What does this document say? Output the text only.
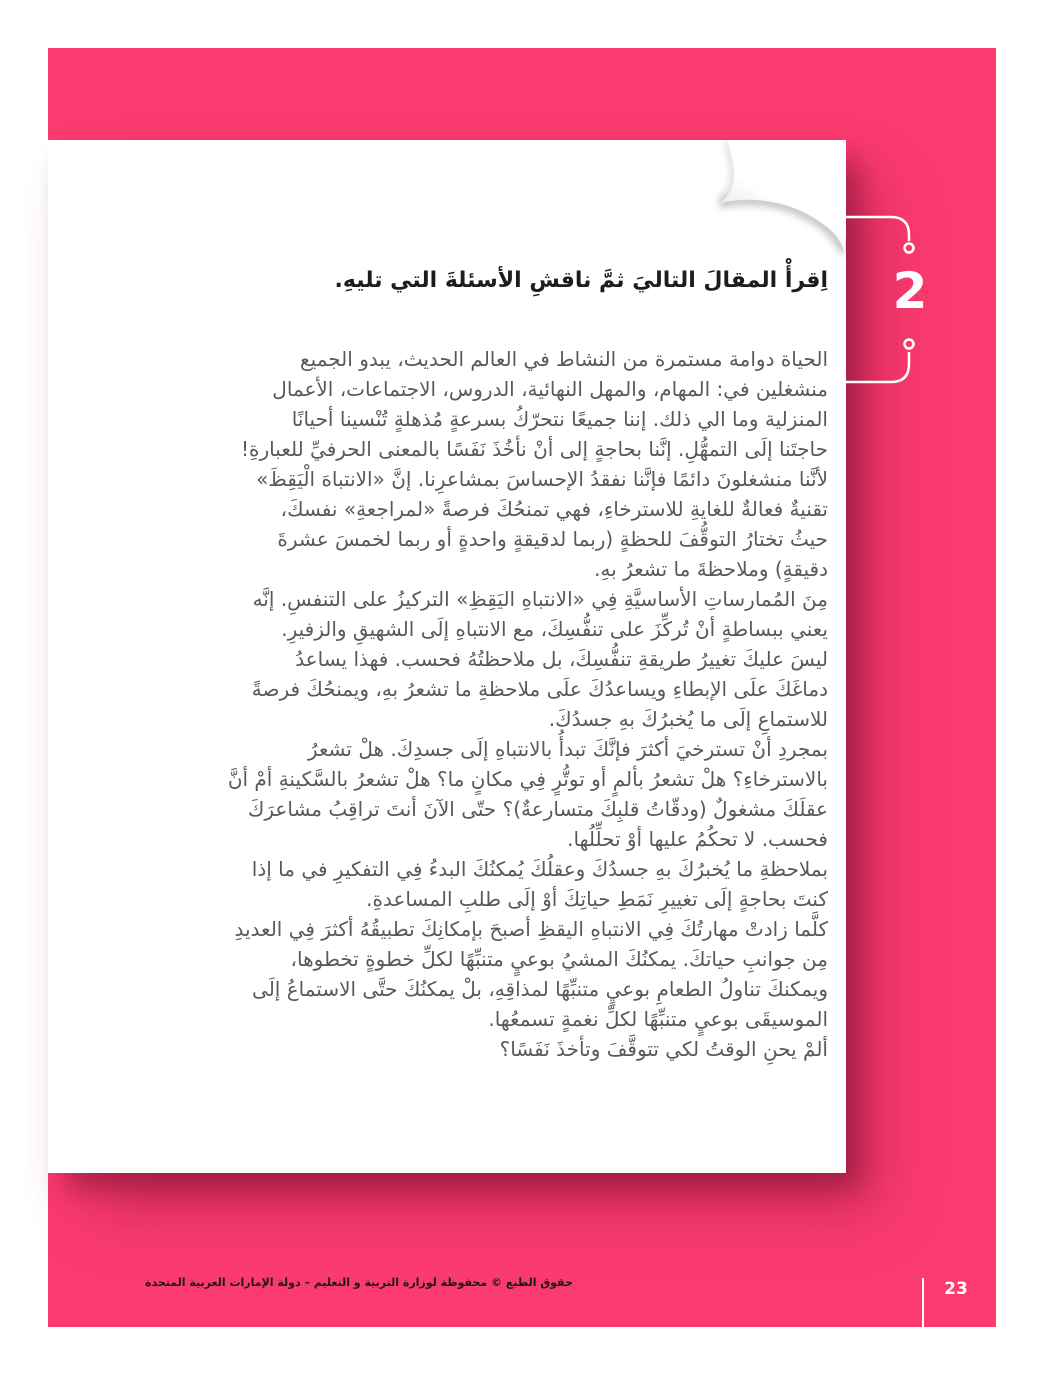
اِقرأْ المقالَ التاليَ ثمَّ ناقشِ الأسئلةَ التي تليهِ.
الحياة دوامة مستمرة من النشاط في العالم الحديث، يبدو الجميع
منشغلين في: المهام، والمهل النهائية، الدروس، الاجتماعات، الأعمال
المنزلية وما الي ذلك. إننا جميعًا نتحرّكُ بسرعةٍ مُذهلةٍ تُنْسينا أحيانًا
حاجتَنا إلَى التمهُّلِ. إنَّنا بحاجةٍ إلى أنْ نأخُذَ نَفَسًا بالمعنى الحرفيِّ للعبارةِ!
لأنَّنا منشغلونَ دائمًا فإنَّنا نفقدُ الإحساسَ بمشاعرِنا. إنَّ «الانتباهَ الْيَقِظَ»
تقنيةٌ فعالةٌ للغايةِ للاسترخاءِ، فهي تمنحُكَ فرصةً «لمراجعةِ» نفسكَ،
حيثُ تختارُ التوقُّفَ للحظةٍ (ربما لدقيقةٍ واحدةٍ أو ربما لخمسَ عشرةَ
دقيقةٍ) وملاحظةَ ما تشعرُ بهِ.
مِنَ المُمارساتِ الأساسيَّةِ فِي «الانتباهِ اليَقِظِ» التركيزُ على التنفسِ. إنَّه
يعني ببساطةٍ أنْ تُركِّزَ على تنفُّسِكَ، مع الانتباهِ إلَى الشهيقِ والزفيرِ.
ليسَ عليكَ تغييرُ طريقةِ تنفُّسِكَ، بل ملاحظتُهُ فحسب. فهذا يساعدُ
دماغَكَ علَى الإبطاءِ ويساعدُكَ علَى ملاحظةِ ما تشعرُ بهِ، ويمنحُكَ فرصةً
للاستماعِ إلَى ما يُخبرُكَ بهِ جسدُكَ.
بمجردِ أنْ تسترخيَ أكثرَ فإنَّكَ تبدأُ بالانتباهِ إلَى جسدِكَ. هلْ تشعرُ
بالاسترخاءِ؟ هلْ تشعرُ بألمٍ أو توتُّرٍ فِي مكانٍ ما؟ هلْ تشعرُ بالسَّكينةِ أمْ أنَّ
عقلَكَ مشغولٌ (ودقّاتُ قلبِكَ متسارعةٌ)؟ حتّى الآنَ أنتَ تراقِبُ مشاعرَكَ
فحسب. لا تحكُمُ عليها أوْ تحلِّلُها.
بملاحظةِ ما يُخبرُكَ بهِ جسدُكَ وعقلُكَ يُمكنُكَ البدءُ فِي التفكيرِ في ما إذا
كنتَ بحاجةٍ إلَى تغييرِ نَمَطِ حياتِكَ أوْ إلَى طلبِ المساعدةِ.
كلَّما زادتْ مهارتُكَ فِي الانتباهِ اليقظِ أصبحَ بإمكانِكَ تطبيقُهُ أكثرَ فِي العديدِ
مِن جوانبِ حياتكَ. يمكنُكَ المشيُ بوعيٍ متنبِّهًا لكلِّ خطوةٍ تخطوها،
ويمكنكَ تناولُ الطعامِ بوعيٍ متنبِّهًا لمذاقِهِ، بلْ يمكنُكَ حتَّى الاستماعُ إلَى
الموسيقَى بوعيٍ متنبِّهًا لكلِّ نغمةٍ تسمعُها.
ألمْ يحنِ الوقتُ لكي تتوقَّفَ وتأخذَ نَفَسًا؟
2
حقوق الطبع © محفوظة لوزارة التربية و التعليم – دولة الإمارات العربية المتحدة	23
